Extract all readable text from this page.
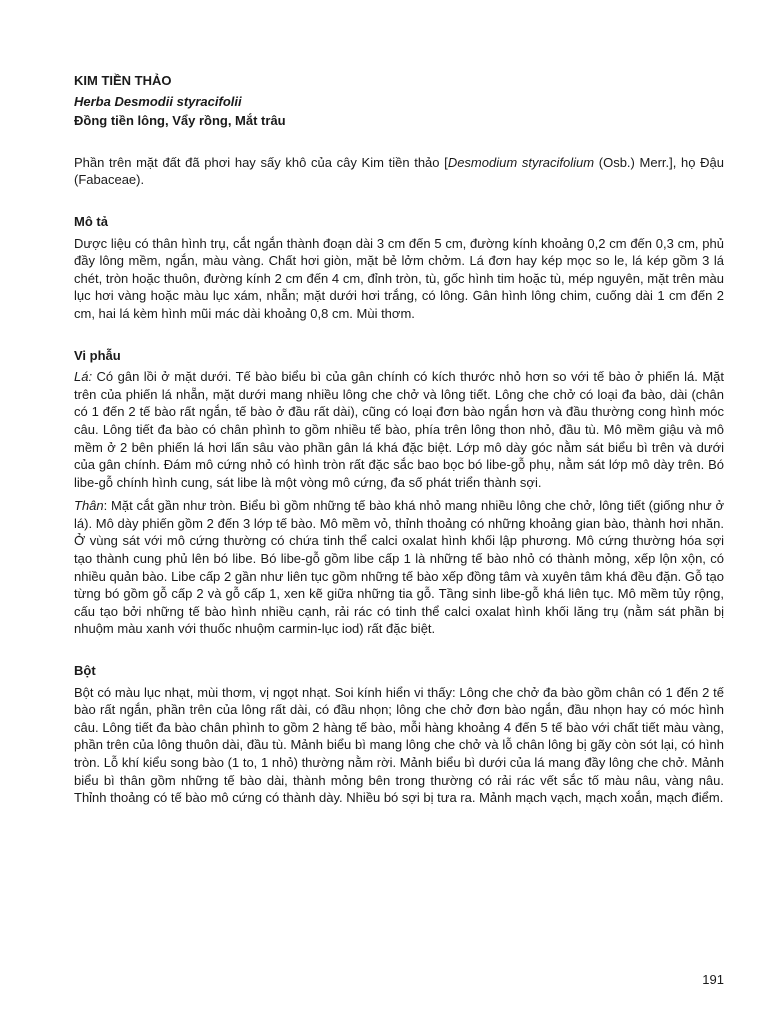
KIM TIỀN THẢO
Herba Desmodii styracifolii
Đồng tiền lông, Vẩy rồng, Mắt trâu

Phần trên mặt đất đã phơi hay sấy khô của cây Kim tiền thảo [Desmodium styracifolium (Osb.) Merr.], họ Đậu (Fabaceae).

Mô tả

Dược liệu có thân hình trụ, cắt ngắn thành đoạn dài 3 cm đến 5 cm, đường kính khoảng 0,2 cm đến 0,3 cm, phủ đầy lông mềm, ngắn, màu vàng. Chất hơi giòn, mặt bẻ lởm chởm. Lá đơn hay kép mọc so le, lá kép gồm 3 lá chét, tròn hoặc thuôn, đường kính 2 cm đến 4 cm, đỉnh tròn, tù, gốc hình tim hoặc tù, mép nguyên, mặt trên màu lục hơi vàng hoặc màu lục xám, nhẵn; mặt dưới hơi trắng, có lông. Gân hình lông chim, cuống dài 1 cm đến 2 cm, hai lá kèm hình mũi mác dài khoảng 0,8 cm. Mùi thơm.

Vi phẫu

Lá: Có gân lồi ở mặt dưới. Tế bào biểu bì của gân chính có kích thước nhỏ hơn so với tế bào ở phiến lá. Mặt trên của phiến lá nhẵn, mặt dưới mang nhiều lông che chở và lông tiết. Lông che chở có loại đa bào, dài (chân có 1 đến 2 tế bào rất ngắn, tế bào ở đầu rất dài), cũng có loại đơn bào ngắn hơn và đầu thường cong hình móc câu. Lông tiết đa bào có chân phình to gồm nhiều tế bào, phía trên lông thon nhỏ, đầu tù. Mô mềm giậu và mô mềm ở 2 bên phiến lá hơi lấn sâu vào phần gân lá khá đặc biệt. Lớp mô dày góc nằm sát biểu bì trên và dưới của gân chính. Đám mô cứng nhỏ có hình tròn rất đặc sắc bao bọc bó libe-gỗ phụ, nằm sát lớp mô dày trên. Bó libe-gỗ chính hình cung, sát libe là một vòng mô cứng, đa số phát triển thành sợi.

Thân: Mặt cắt gần như tròn. Biểu bì gồm những tế bào khá nhỏ mang nhiều lông che chở, lông tiết (giống như ở lá). Mô dày phiến gồm 2 đến 3 lớp tế bào. Mô mềm vỏ, thỉnh thoảng có những khoảng gian bào, thành hơi nhăn. Ở vùng sát với mô cứng thường có chứa tinh thể calci oxalat hình khối lập phương. Mô cứng thường hóa sợi tạo thành cung phủ lên bó libe. Bó libe-gỗ gồm libe cấp 1 là những tế bào nhỏ có thành mỏng, xếp lộn xộn, có nhiều quản bào. Libe cấp 2 gần như liên tục gồm những tế bào xếp đồng tâm và xuyên tâm khá đều đặn. Gỗ tạo từng bó gồm gỗ cấp 2 và gỗ cấp 1, xen kẽ giữa những tia gỗ. Tầng sinh libe-gỗ khá liên tục. Mô mềm tủy rộng, cấu tạo bởi những tế bào hình nhiều cạnh, rải rác có tinh thể calci oxalat hình khối lăng trụ (nằm sát phần bị nhuộm màu xanh với thuốc nhuộm carmin-lục iod) rất đặc biệt.

Bột

Bột có màu lục nhạt, mùi thơm, vị ngọt nhạt. Soi kính hiển vi thấy: Lông che chở đa bào gồm chân có 1 đến 2 tế bào rất ngắn, phần trên của lông rất dài, có đầu nhọn; lông che chở đơn bào ngắn, đầu nhọn hay có móc hình câu. Lông tiết đa bào chân phình to gồm 2 hàng tế bào, mỗi hàng khoảng 4 đến 5 tế bào với chất tiết màu vàng, phần trên của lông thuôn dài, đầu tù. Mảnh biểu bì mang lông che chở và lỗ chân lông bị gãy còn sót lại, có hình tròn. Lỗ khí kiểu song bào (1 to, 1 nhỏ) thường nằm rời. Mảnh biểu bì dưới của lá mang đầy lông che chở. Mảnh biểu bì thân gồm những tế bào dài, thành mỏng bên trong thường có rải rác vết sắc tố màu nâu, vàng nâu. Thỉnh thoảng có tế bào mô cứng có thành dày. Nhiều bó sợi bị tưa ra. Mảnh mạch vạch, mạch xoắn, mạch điểm.

191
